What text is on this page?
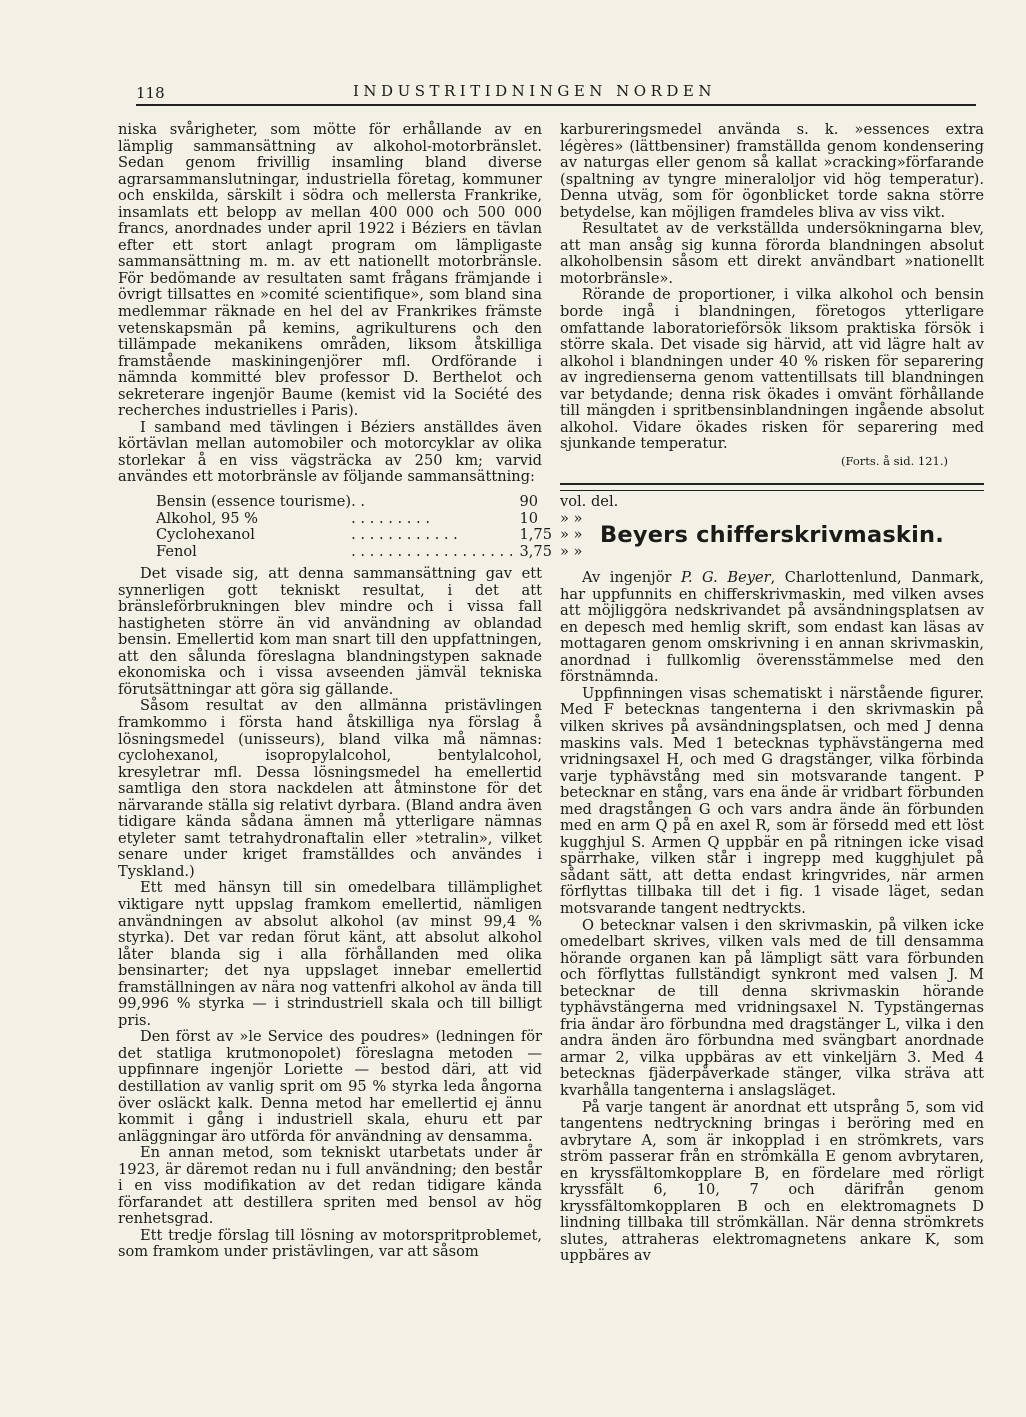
118	INDUSTRITIDNINGEN NORDEN

niska svårigheter, som mötte för erhållande av en lämplig sammansättning av alkohol-motorbränslet. Sedan genom frivillig insamling bland diverse agrarsammanslutningar, industriella företag, kommuner och enskilda, särskilt i södra och mellersta Frankrike, insamlats ett belopp av mellan 400 000 och 500 000 francs, anordnades under april 1922 i Béziers en tävlan efter ett stort anlagt program om lämpligaste sammansättning m. m. av ett nationellt motorbränsle. För bedömande av resultaten samt frågans främjande i övrigt tillsattes en »comité scientifique», som bland sina medlemmar räknade en hel del av Frankrikes främste vetenskapsmän på kemins, agrikulturens och den tillämpade mekanikens områden, liksom åtskilliga framstående maskiningenjörer mfl. Ordförande i nämnda kommitté blev professor D. Berthelot och sekreterare ingenjör Baume (kemist vid la Société des recherches industrielles i Paris).

I samband med tävlingen i Béziers anställdes även körtävlan mellan automobiler och motorcyklar av olika storlekar å en viss vägsträcka av 250 km; varvid användes ett motorbränsle av följande sammansättning:

Bensin (essence tourisme)	. .	90	vol. del.
Alkohol, 95 %	. . . . . . . . .	10	» »
Cyclohexanol	. . . . . . . . . . . .	1,75	» »
Fenol	. . . . . . . . . . . . . . . . . .	3,75	» »

Det visade sig, att denna sammansättning gav ett synnerligen gott tekniskt resultat, i det att bränsleförbrukningen blev mindre och i vissa fall hastigheten större än vid användning av oblandad bensin. Emellertid kom man snart till den uppfattningen, att den sålunda föreslagna blandningstypen saknade ekonomiska och i vissa avseenden jämväl tekniska förutsättningar att göra sig gällande.

Såsom resultat av den allmänna pristävlingen framkommo i första hand åtskilliga nya förslag å lösningsmedel (unisseurs), bland vilka må nämnas: cyclohexanol, isopropylalcohol, bentylalcohol, kresyletrar mfl. Dessa lösningsmedel ha emellertid samtliga den stora nackdelen att åtminstone för det närvarande ställa sig relativt dyrbara. (Bland andra även tidigare kända sådana ämnen må ytterligare nämnas etyleter samt tetrahydronaftalin eller »tetralin», vilket senare under kriget framställdes och användes i Tyskland.)

Ett med hänsyn till sin omedelbara tillämplighet viktigare nytt uppslag framkom emellertid, nämligen användningen av absolut alkohol (av minst 99,4 % styrka). Det var redan förut känt, att absolut alkohol låter blanda sig i alla förhållanden med olika bensinarter; det nya uppslaget innebar emellertid framställningen av nära nog vattenfri alkohol av ända till 99,996 % styrka — i strindustriell skala och till billigt pris.

Den först av »le Service des poudres» (ledningen för det statliga krutmonopolet) föreslagna metoden — uppfinnare ingenjör Loriette — bestod däri, att vid destillation av vanlig sprit om 95 % styrka leda ångorna över osläckt kalk. Denna metod har emellertid ej ännu kommit i gång i industriell skala, ehuru ett par anläggningar äro utförda för användning av densamma.

En annan metod, som tekniskt utarbetats under år 1923, är däremot redan nu i full användning; den består i en viss modifikation av det redan tidigare kända förfarandet att destillera spriten med bensol av hög renhetsgrad.

Ett tredje förslag till lösning av motorspritproblemet, som framkom under pristävlingen, var att såsom

karbureringsmedel använda s. k. »essences extra légères» (lättbensiner) framställda genom kondensering av naturgas eller genom så kallat »cracking»förfarande (spaltning av tyngre mineraloljor vid hög temperatur). Denna utväg, som för ögonblicket torde sakna större betydelse, kan möjligen framdeles bliva av viss vikt.

Resultatet av de verkställda undersökningarna blev, att man ansåg sig kunna förorda blandningen absolut alkoholbensin såsom ett direkt användbart »nationellt motorbränsle».

Rörande de proportioner, i vilka alkohol och bensin borde ingå i blandningen, företogos ytterligare omfattande laboratorieförsök liksom praktiska försök i större skala. Det visade sig härvid, att vid lägre halt av alkohol i blandningen under 40 % risken för separering av ingredienserna genom vattentillsats till blandningen var betydande; denna risk ökades i omvänt förhållande till mängden i spritbensinblandningen ingående absolut alkohol. Vidare ökades risken för separering med sjunkande temperatur.

(Forts. å sid. 121.)

Beyers chifferskrivmaskin.

Av ingenjör P. G. Beyer, Charlottenlund, Danmark, har uppfunnits en chifferskrivmaskin, med vilken avses att möjliggöra nedskrivandet på avsändningsplatsen av en depesch med hemlig skrift, som endast kan läsas av mottagaren genom omskrivning i en annan skrivmaskin, anordnad i fullkomlig överensstämmelse med den förstnämnda.

Uppfinningen visas schematiskt i närstående figurer. Med F betecknas tangenterna i den skrivmaskin på vilken skrives på avsändningsplatsen, och med J denna maskins vals. Med 1 betecknas typhävstängerna med vridningsaxel H, och med G dragstänger, vilka förbinda varje typhävstång med sin motsvarande tangent. P betecknar en stång, vars ena ände är vridbart förbunden med dragstången G och vars andra ände än förbunden med en arm Q på en axel R, som är försedd med ett löst kugghjul S. Armen Q uppbär en på ritningen icke visad spärrhake, vilken står i ingrepp med kugghjulet på sådant sätt, att detta endast kringvrides, när armen förflyttas tillbaka till det i fig. 1 visade läget, sedan motsvarande tangent nedtryckts.

O betecknar valsen i den skrivmaskin, på vilken icke omedelbart skrives, vilken vals med de till densamma hörande organen kan på lämpligt sätt vara förbunden och förflyttas fullständigt synkront med valsen J. M betecknar de till denna skrivmaskin hörande typhävstängerna med vridningsaxel N. Typstängernas fria ändar äro förbundna med dragstänger L, vilka i den andra änden äro förbundna med svängbart anordnade armar 2, vilka uppbäras av ett vinkeljärn 3. Med 4 betecknas fjäderpåverkade stänger, vilka sträva att kvarhålla tangenterna i anslagsläget.

På varje tangent är anordnat ett utsprång 5, som vid tangentens nedtryckning bringas i beröring med en avbrytare A, som är inkopplad i en strömkrets, vars ström passerar från en strömkälla E genom avbrytaren, en kryssfältomkopplare B, en fördelare med rörligt kryssfält 6, 10, 7 och därifrån genom kryssfältomkopplaren B och en elektromagnets D lindning tillbaka till strömkällan. När denna strömkrets slutes, attraheras elektromagnetens ankare K, som uppbäres av
